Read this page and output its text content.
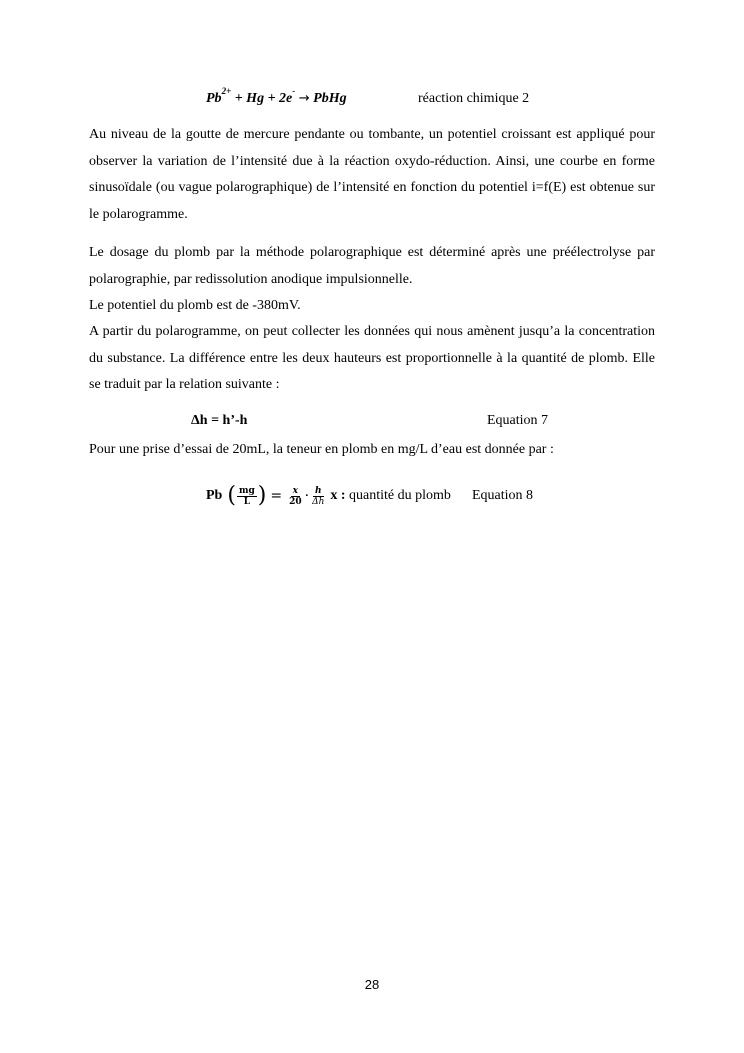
$Pb^{2+} + Hg + 2e^-$ → PbHg	réaction chimique 2

Au niveau de la goutte de mercure pendante ou tombante, un potentiel croissant est appliqué pour observer la variation de l’intensité due à la réaction oxydo-réduction. Ainsi, une courbe en forme sinusoïdale (ou vague polarographique) de l’intensité en fonction du potentiel i=f(E) est obtenue sur le polarogramme.

Le dosage du plomb par la méthode polarographique est déterminé après une préélectrolyse par polarographie, par redissolution anodique impulsionnelle.

Le potentiel du plomb est de -380mV.

A partir du polarogramme, on peut collecter les données qui nous amènent jusqu’a la concentration du substance. La différence entre les deux hauteurs est proportionnelle à la quantité de plomb. Elle se traduit par la relation suivante :

Δh = h’-h	Equation 7

Pour une prise d’essai de 20mL, la teneur en plomb en mg/L d’eau est donnée par :

Pb ( $\frac{mg}{L}$ ) = $\frac{x}{20} \cdot \frac{h}{\Delta h}$ x : quantité du plomb Equation 8
28
